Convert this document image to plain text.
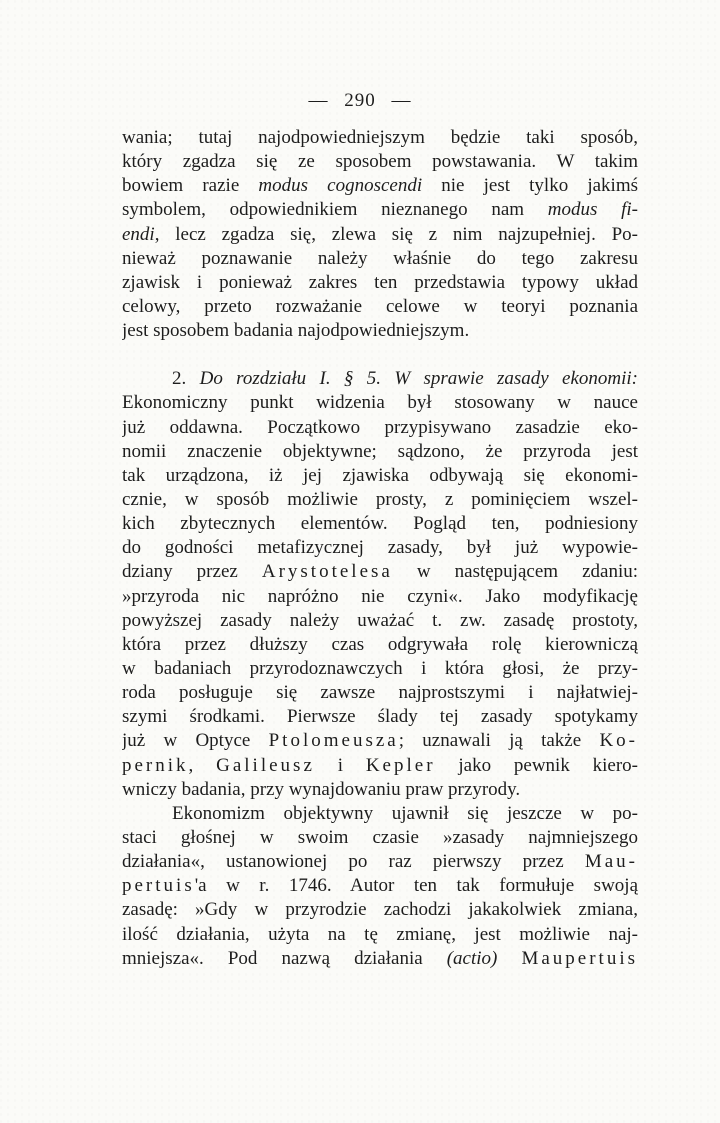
— 290 —
wania; tutaj najodpowiedniejszym będzie taki sposób,
który zgadza się ze sposobem powstawania. W takim
bowiem razie modus cognoscendi nie jest tylko jakimś
symbolem, odpowiednikiem nieznanego nam modus fi-
endi, lecz zgadza się, zlewa się z nim najzupełniej. Po-
nieważ poznawanie należy właśnie do tego zakresu
zjawisk i ponieważ zakres ten przedstawia typowy układ
celowy, przeto rozważanie celowe w teoryi poznania
jest sposobem badania najodpowiedniejszym.
2. Do rozdziału I. § 5. W sprawie zasady ekonomii:
Ekonomiczny punkt widzenia był stosowany w nauce
już oddawna. Początkowo przypisywano zasadzie eko-
nomii znaczenie objektywne; sądzono, że przyroda jest
tak urządzona, iż jej zjawiska odbywają się ekonomi-
cznie, w sposób możliwie prosty, z pominięciem wszel-
kich zbytecznych elementów. Pogląd ten, podniesiony
do godności metafizycznej zasady, był już wypowie-
dziany przez Arystotelesa w następującem zdaniu:
»przyroda nic napróżno nie czyni«. Jako modyfikację
powyższej zasady należy uważać t. zw. zasadę prostoty,
która przez dłuższy czas odgrywała rolę kierowniczą
w badaniach przyrodoznawczych i która głosi, że przy-
roda posługuje się zawsze najprostszymi i najłatwiej-
szymi środkami. Pierwsze ślady tej zasady spotykamy
już w Optyce Ptolomeusza; uznawali ją także Ko-
pernik, Galileusz i Kepler jako pewnik kiero-
wniczy badania, przy wynajdowaniu praw przyrody.
Ekonomizm objektywny ujawnił się jeszcze w po-
staci głośnej w swoim czasie »zasady najmniejszego
działania«, ustanowionej po raz pierwszy przez Mau-
pertuis'a w r. 1746. Autor ten tak formułuje swoją
zasadę: »Gdy w przyrodzie zachodzi jakakolwiek zmiana,
ilość działania, użyta na tę zmianę, jest możliwie naj-
mniejsza«. Pod nazwą działania (actio) Maupertuis
